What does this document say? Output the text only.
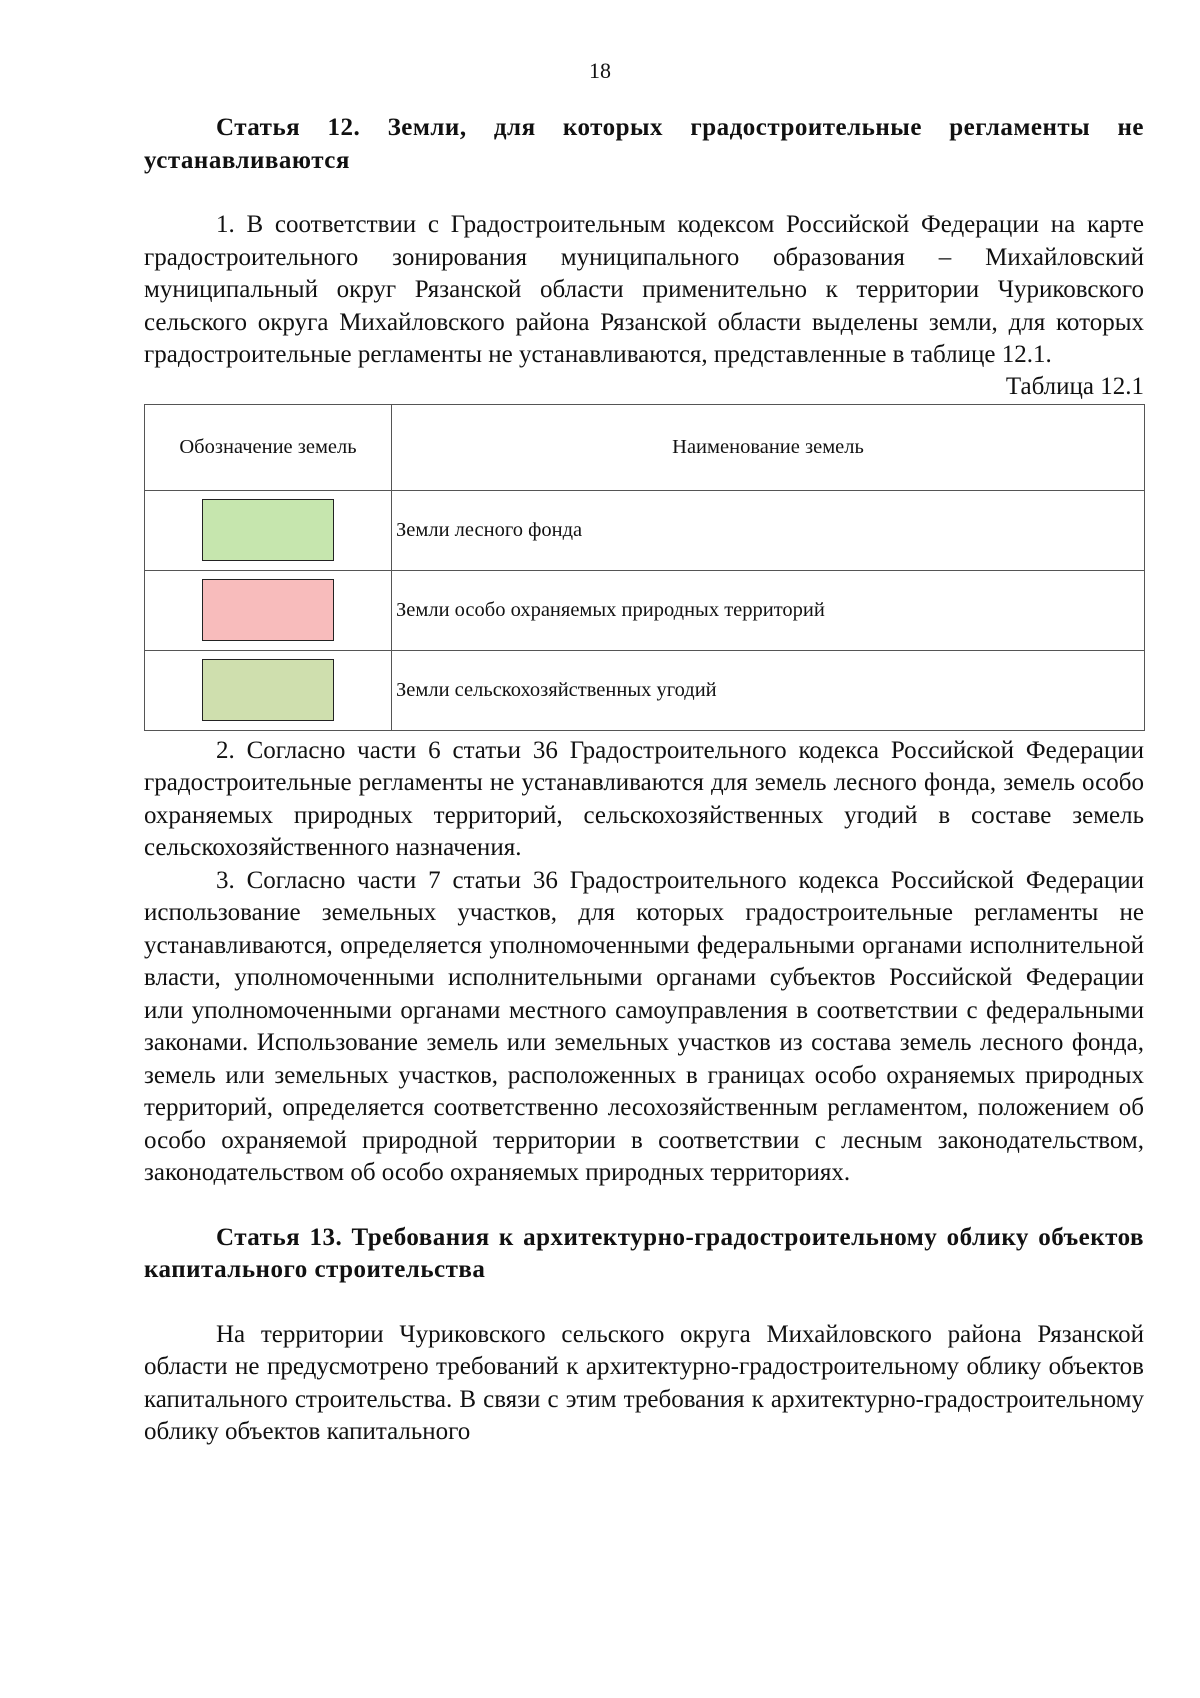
18

Статья 12. Земли, для которых градостроительные регламенты не устанавливаются

1. В соответствии с Градостроительным кодексом Российской Федерации на карте градостроительного зонирования муниципального образования – Михайловский муниципальный округ Рязанской области применительно к территории Чуриковского сельского округа Михайловского района Рязанской области выделены земли, для которых градостроительные регламенты не устанавливаются, представленные в таблице 12.1.

Таблица 12.1

Обозначение земель	Наименование земель
	Земли лесного фонда
	Земли особо охраняемых природных территорий
	Земли сельскохозяйственных угодий

2. Согласно части 6 статьи 36 Градостроительного кодекса Российской Федерации градостроительные регламенты не устанавливаются для земель лесного фонда, земель особо охраняемых природных территорий, сельскохозяйственных угодий в составе земель сельскохозяйственного назначения.

3. Согласно части 7 статьи 36 Градостроительного кодекса Российской Федерации использование земельных участков, для которых градостроительные регламенты не устанавливаются, определяется уполномоченными федеральными органами исполнительной власти, уполномоченными исполнительными органами субъектов Российской Федерации или уполномоченными органами местного самоуправления в соответствии с федеральными законами. Использование земель или земельных участков из состава земель лесного фонда, земель или земельных участков, расположенных в границах особо охраняемых природных территорий, определяется соответственно лесохозяйственным регламентом, положением об особо охраняемой природной территории в соответствии с лесным законодательством, законодательством об особо охраняемых природных территориях.

Статья 13. Требования к архитектурно-градостроительному облику объектов капитального строительства

На территории Чуриковского сельского округа Михайловского района Рязанской области не предусмотрено требований к архитектурно-градостроительному облику объектов капитального строительства. В связи с этим требования к архитектурно-градостроительному облику объектов капитального
